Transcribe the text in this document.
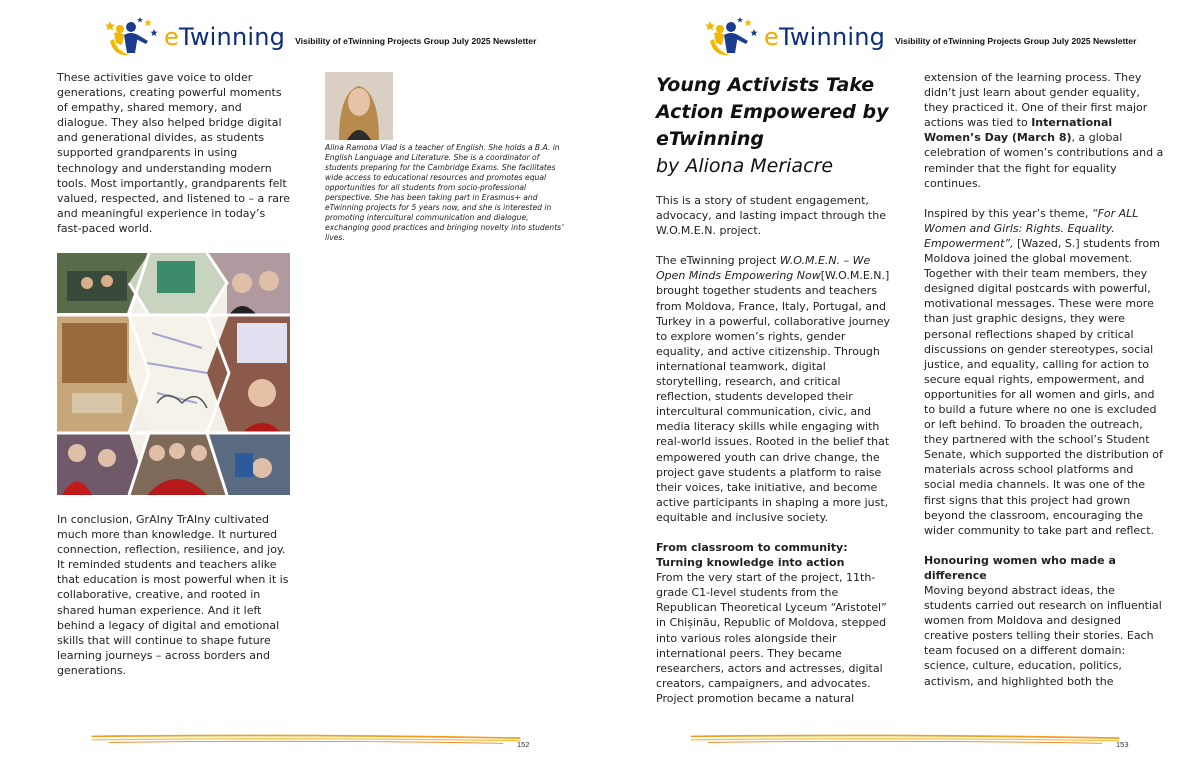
eTwinning Visibility of eTwinning Projects Group July 2025 Newsletter

These activities gave voice to older generations, creating powerful moments of empathy, shared memory, and dialogue. They also helped bridge digital and generational divides, as students supported grandparents in using technology and understanding modern tools. Most importantly, grandparents felt valued, respected, and listened to – a rare and meaningful experience in today’s fast-paced world.

Alina Ramona Vlad is a teacher of English. She holds a B.A. in English Language and Literature. She is a coordinator of students preparing for the Cambridge Exams. She facilitates wide access to educational resources and promotes equal opportunities for all students from socio-professional perspective. She has been taking part in Erasmus+ and eTwinning projects for 5 years now, and she is interested in promoting intercultural communication and dialogue, exchanging good practices and bringing novelty into students’ lives.

In conclusion, GrAIny TrAIny cultivated much more than knowledge. It nurtured connection, reflection, resilience, and joy. It reminded students and teachers alike that education is most powerful when it is collaborative, creative, and rooted in shared human experience. And it left behind a legacy of digital and emotional skills that will continue to shape future learning journeys – across borders and generations.

152
eTwinning Visibility of eTwinning Projects Group July 2025 Newsletter
Young Activists Take Action Empowered by eTwinning
by Aliona Meriacre

This is a story of student engagement, advocacy, and lasting impact through the W.O.M.E.N. project.

The eTwinning project W.O.M.E.N. – We Open Minds Empowering Now[W.O.M.E.N.] brought together students and teachers from Moldova, France, Italy, Portugal, and Turkey in a powerful, collaborative journey to explore women’s rights, gender equality, and active citizenship. Through international teamwork, digital storytelling, research, and critical reflection, students developed their intercultural communication, civic, and media literacy skills while engaging with real-world issues. Rooted in the belief that empowered youth can drive change, the project gave students a platform to raise their voices, take initiative, and become active participants in shaping a more just, equitable and inclusive society.

From classroom to community: Turning knowledge into action

From the very start of the project, 11th-grade C1-level students from the Republican Theoretical Lyceum “Aristotel” in Chișinău, Republic of Moldova, stepped into various roles alongside their international peers. They became researchers, actors and actresses, digital creators, campaigners, and advocates. Project promotion became a natural

extension of the learning process. They didn’t just learn about gender equality, they practiced it. One of their first major actions was tied to International Women’s Day (March 8), a global celebration of women’s contributions and a reminder that the fight for equality continues.

Inspired by this year’s theme, “For ALL Women and Girls: Rights. Equality. Empowerment”, [Wazed, S.] students from Moldova joined the global movement. Together with their team members, they designed digital postcards with powerful, motivational messages. These were more than just graphic designs, they were personal reflections shaped by critical discussions on gender stereotypes, social justice, and equality, calling for action to secure equal rights, empowerment, and opportunities for all women and girls, and to build a future where no one is excluded or left behind. To broaden the outreach, they partnered with the school’s Student Senate, which supported the distribution of materials across school platforms and social media channels. It was one of the first signs that this project had grown beyond the classroom, encouraging the wider community to take part and reflect.

Honouring women who made a difference

Moving beyond abstract ideas, the students carried out research on influential women from Moldova and designed creative posters telling their stories. Each team focused on a different domain: science, culture, education, politics, activism, and highlighted both the

153
